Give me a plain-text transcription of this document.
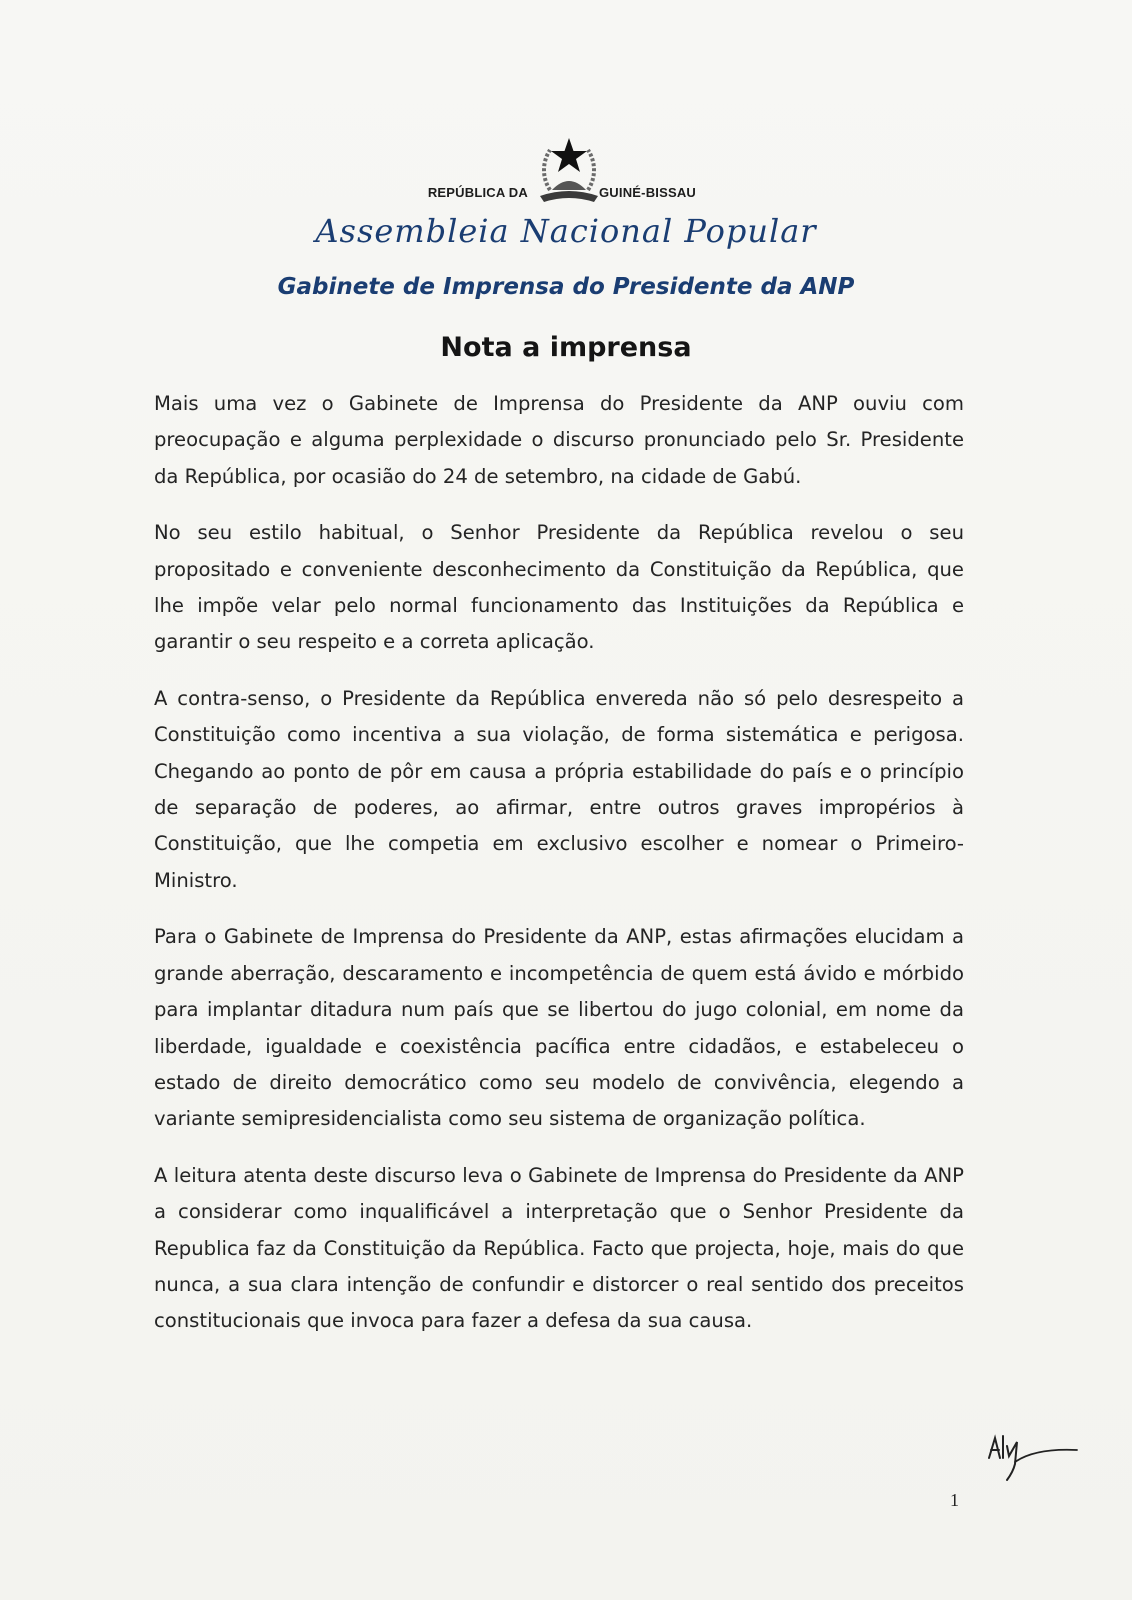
REPÚBLICA DA	GUINÉ-BISSAU
Assembleia Nacional Popular
Gabinete de Imprensa do Presidente da ANP
Nota a imprensa

Mais uma vez o Gabinete de Imprensa do Presidente da ANP ouviu com preocupação e alguma perplexidade o discurso pronunciado pelo Sr. Presidente da República, por ocasião do 24 de setembro, na cidade de Gabú.

No seu estilo habitual, o Senhor Presidente da República revelou o seu propositado e conveniente desconhecimento da Constituição da República, que lhe impõe velar pelo normal funcionamento das Instituições da República e garantir o seu respeito e a correta aplicação.

A contra-senso, o Presidente da República envereda não só pelo desrespeito a Constituição como incentiva a sua violação, de forma sistemática e perigosa. Chegando ao ponto de pôr em causa a própria estabilidade do país e o princípio de separação de poderes, ao afirmar, entre outros graves impropérios à Constituição, que lhe competia em exclusivo escolher e nomear o Primeiro-Ministro.

Para o Gabinete de Imprensa do Presidente da ANP, estas afirmações elucidam a grande aberração, descaramento e incompetência de quem está ávido e mórbido para implantar ditadura num país que se libertou do jugo colonial, em nome da liberdade, igualdade e coexistência pacífica entre cidadãos, e estabeleceu o estado de direito democrático como seu modelo de convivência, elegendo a variante semipresidencialista como seu sistema de organização política.

A leitura atenta deste discurso leva o Gabinete de Imprensa do Presidente da ANP a considerar como inqualificável a interpretação que o Senhor Presidente da Republica faz da Constituição da República. Facto que projecta, hoje, mais do que nunca, a sua clara intenção de confundir e distorcer o real sentido dos preceitos constitucionais que invoca para fazer a defesa da sua causa.

1
